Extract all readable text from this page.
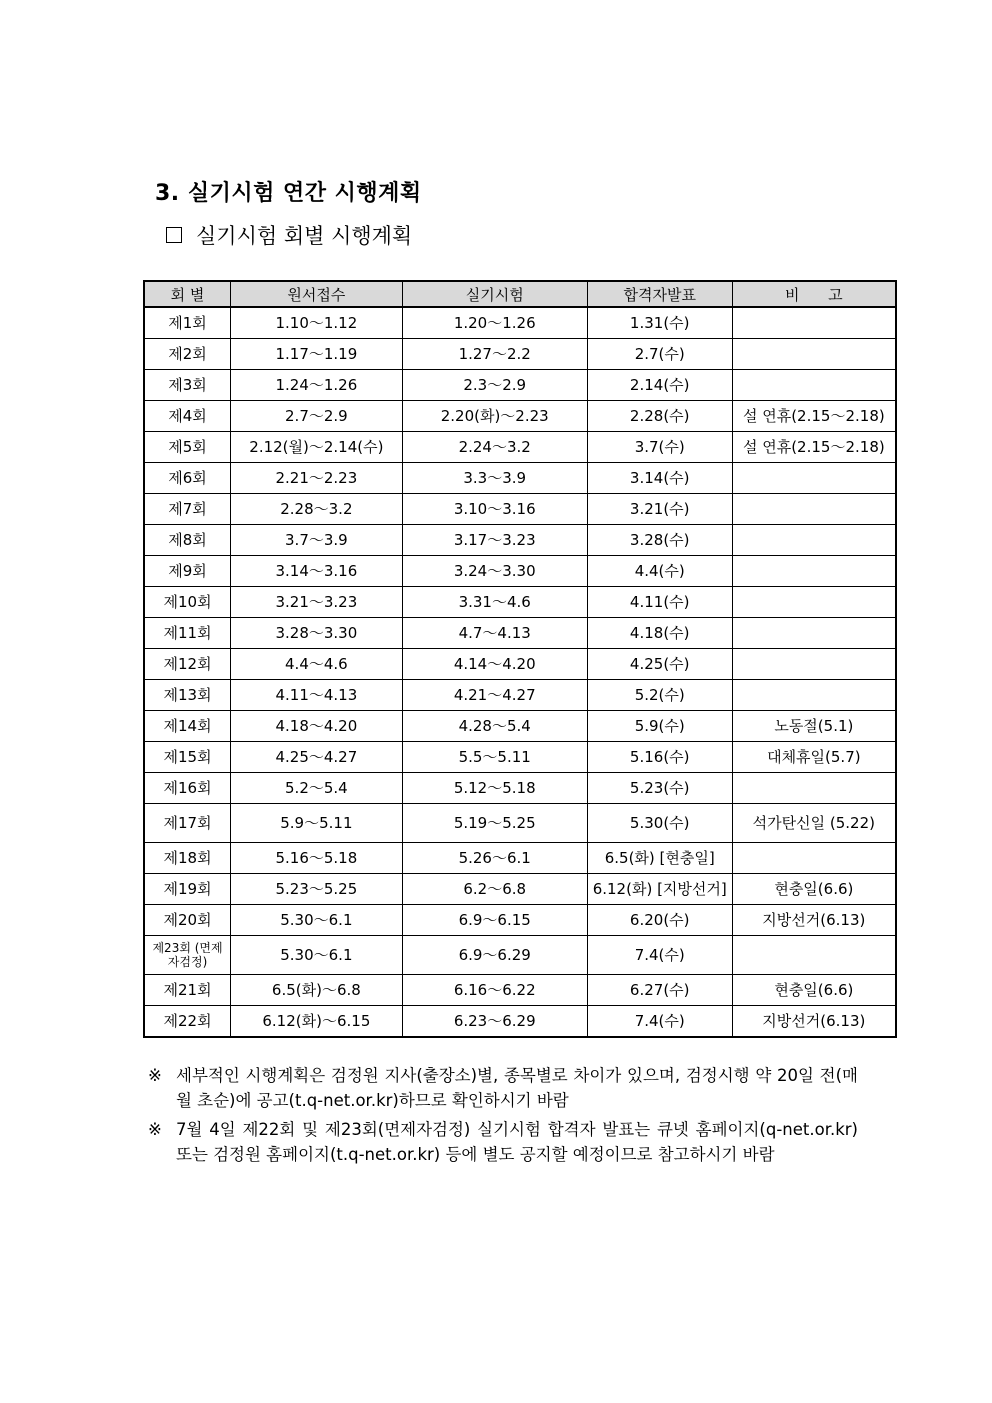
3. 실기시험 연간 시행계획
실기시험 회별 시행계획
회 별	원서접수	실기시험	합격자발표	비      고
제1회	1.10～1.12	1.20～1.26	1.31(수)	
제2회	1.17～1.19	1.27～2.2	2.7(수)	
제3회	1.24～1.26	2.3～2.9	2.14(수)	
제4회	2.7～2.9	2.20(화)～2.23	2.28(수)	설 연휴(2.15～2.18)
제5회	2.12(월)～2.14(수)	2.24～3.2	3.7(수)	설 연휴(2.15～2.18)
제6회	2.21～2.23	3.3～3.9	3.14(수)	
제7회	2.28～3.2	3.10～3.16	3.21(수)	
제8회	3.7～3.9	3.17～3.23	3.28(수)	
제9회	3.14～3.16	3.24～3.30	4.4(수)	
제10회	3.21～3.23	3.31～4.6	4.11(수)	
제11회	3.28～3.30	4.7～4.13	4.18(수)	
제12회	4.4～4.6	4.14～4.20	4.25(수)	
제13회	4.11～4.13	4.21～4.27	5.2(수)	
제14회	4.18～4.20	4.28～5.4	5.9(수)	노동절(5.1)
제15회	4.25～4.27	5.5～5.11	5.16(수)	대체휴일(5.7)
제16회	5.2～5.4	5.12～5.18	5.23(수)	
제17회	5.9～5.11	5.19～5.25	5.30(수)	석가탄신일 (5.22)
제18회	5.16～5.18	5.26～6.1	6.5(화) [현충일]	
제19회	5.23～5.25	6.2～6.8	6.12(화) [지방선거]	현충일(6.6)
제20회	5.30～6.1	6.9～6.15	6.20(수)	지방선거(6.13)
제23회 (면제자검정)	5.30～6.1	6.9～6.29	7.4(수)	
제21회	6.5(화)～6.8	6.16～6.22	6.27(수)	현충일(6.6)
제22회	6.12(화)～6.15	6.23～6.29	7.4(수)	지방선거(6.13)
※ 세부적인 시행계획은 검정원 지사(출장소)별, 종목별로 차이가 있으며, 검정시행 약 20일 전(매월 초순)에 공고(t.q-net.or.kr)하므로 확인하시기 바람
※ 7월 4일 제22회 및 제23회(면제자검정) 실기시험 합격자 발표는 큐넷 홈페이지(q-net.or.kr) 또는 검정원 홈페이지(t.q-net.or.kr) 등에 별도 공지할 예정이므로 참고하시기 바람
